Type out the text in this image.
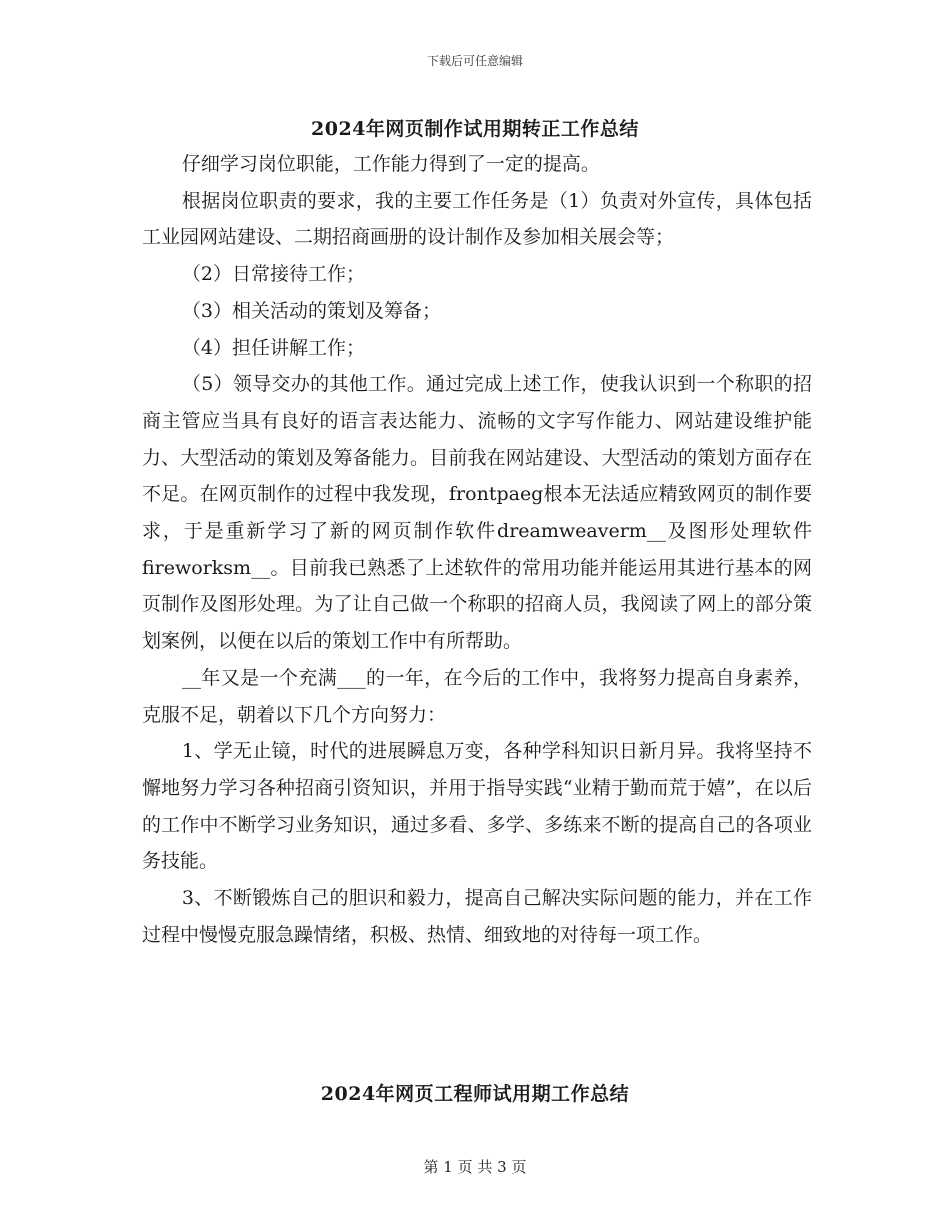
下载后可任意编辑
2024年网页制作试用期转正工作总结

仔细学习岗位职能，工作能力得到了一定的提高。

根据岗位职责的要求，我的主要工作任务是（1）负责对外宣传，具体包括工业园网站建设、二期招商画册的设计制作及参加相关展会等；

（2）日常接待工作；

（3）相关活动的策划及筹备；

（4）担任讲解工作；

（5）领导交办的其他工作。通过完成上述工作，使我认识到一个称职的招商主管应当具有良好的语言表达能力、流畅的文字写作能力、网站建设维护能力、大型活动的策划及筹备能力。目前我在网站建设、大型活动的策划方面存在不足。在网页制作的过程中我发现，frontpaeg根本无法适应精致网页的制作要求，于是重新学习了新的网页制作软件dreamweaverm__及图形处理软件fireworksm__。目前我已熟悉了上述软件的常用功能并能运用其进行基本的网页制作及图形处理。为了让自己做一个称职的招商人员，我阅读了网上的部分策划案例，以便在以后的策划工作中有所帮助。

__年又是一个充满___的一年，在今后的工作中，我将努力提高自身素养，克服不足，朝着以下几个方向努力：

1、学无止镜，时代的进展瞬息万变，各种学科知识日新月异。我将坚持不懈地努力学习各种招商引资知识，并用于指导实践“业精于勤而荒于嬉”，在以后的工作中不断学习业务知识，通过多看、多学、多练来不断的提高自己的各项业务技能。

3、不断锻炼自己的胆识和毅力，提高自己解决实际问题的能力，并在工作过程中慢慢克服急躁情绪，积极、热情、细致地的对待每一项工作。

2024年网页工程师试用期工作总结
第 1 页 共 3 页
